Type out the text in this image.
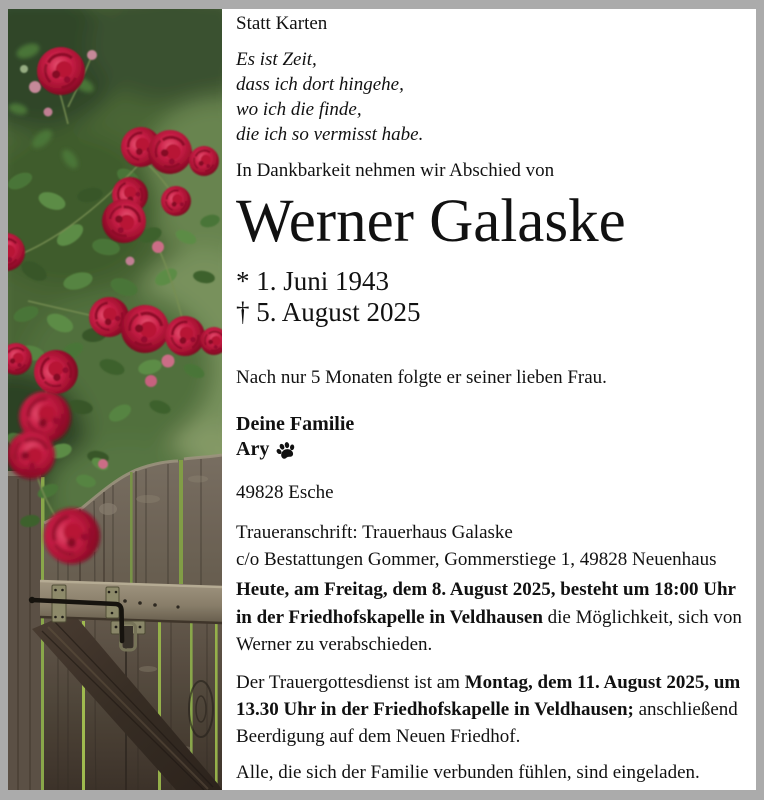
Statt Karten
Es ist Zeit,
dass ich dort hingehe,
wo ich die finde,
die ich so vermisst habe.
In Dankbarkeit nehmen wir Abschied von
Werner Galaske
* 1. Juni 1943
† 5. August 2025
Nach nur 5 Monaten folgte er seiner lieben Frau.
Deine Familie
Ary
49828 Esche
Traueranschrift: Trauerhaus Galaske
c/o Bestattungen Gommer, Gommerstiege 1, 49828 Neuenhaus

Heute, am Freitag, dem 8. August 2025, besteht um 18:00 Uhr in der Friedhofskapelle in Veldhausen die Möglichkeit, sich von Werner zu verabschieden.

Der Trauergottesdienst ist am Montag, dem 11. August 2025, um 13.30 Uhr in der Friedhofskapelle in Veldhausen; anschließend Beerdigung auf dem Neuen Friedhof.

Alle, die sich der Familie verbunden fühlen, sind eingeladen.
